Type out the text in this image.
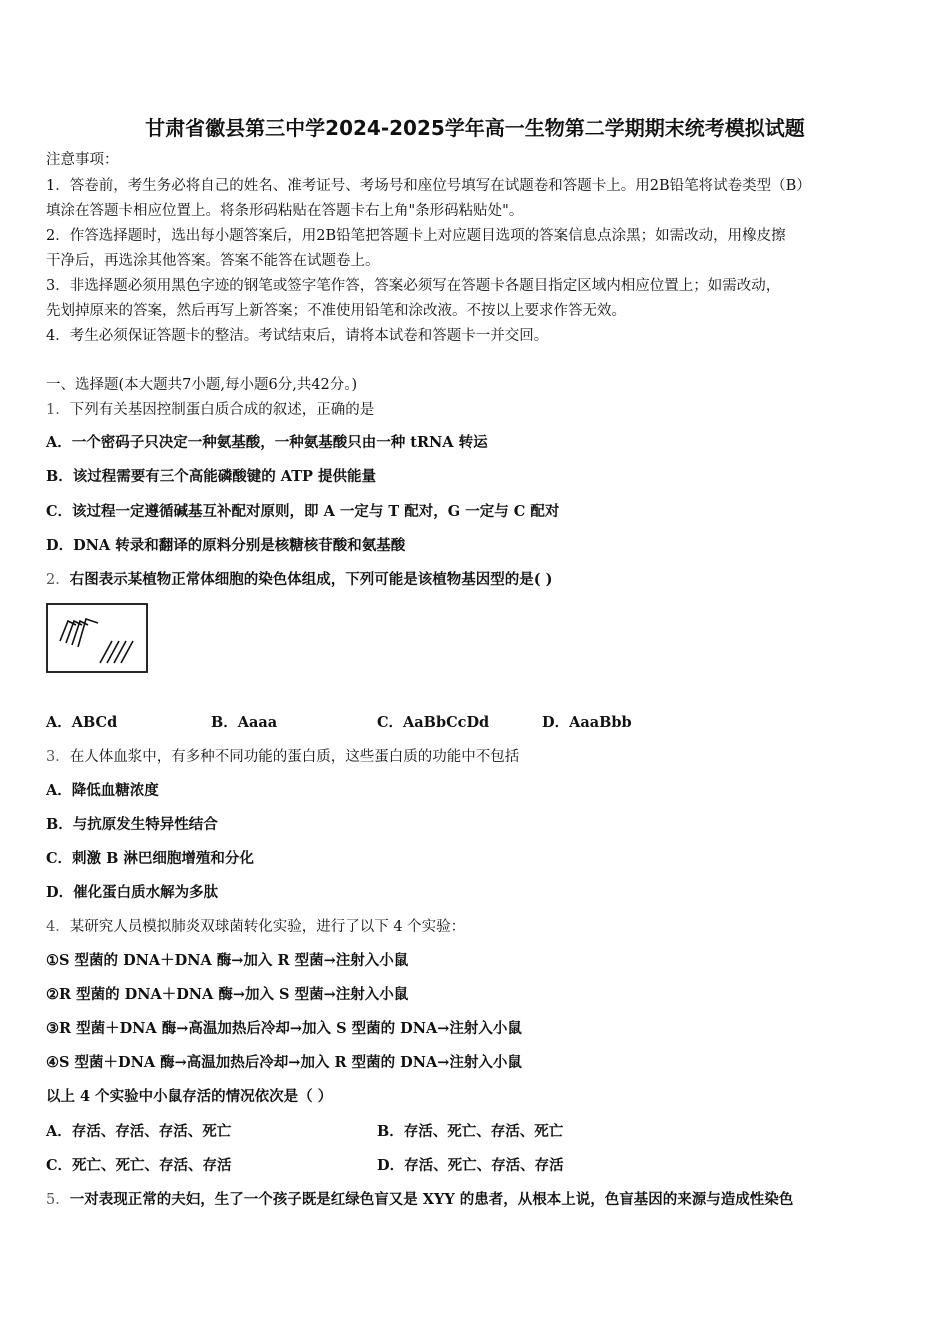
甘肃省徽县第三中学2024-2025学年高一生物第二学期期末统考模拟试题
注意事项：
1．答卷前，考生务必将自己的姓名、准考证号、考场号和座位号填写在试题卷和答题卡上。用2B铅笔将试卷类型（B）
填涂在答题卡相应位置上。将条形码粘贴在答题卡右上角"条形码粘贴处"。
2．作答选择题时，选出每小题答案后，用2B铅笔把答题卡上对应题目选项的答案信息点涂黑；如需改动，用橡皮擦
干净后，再选涂其他答案。答案不能答在试题卷上。
3．非选择题必须用黑色字迹的钢笔或签字笔作答，答案必须写在答题卡各题目指定区域内相应位置上；如需改动，
先划掉原来的答案，然后再写上新答案；不准使用铅笔和涂改液。不按以上要求作答无效。
4．考生必须保证答题卡的整洁。考试结束后，请将本试卷和答题卡一并交回。
一、选择题(本大题共7小题,每小题6分,共42分。)
1．下列有关基因控制蛋白质合成的叙述，正确的是
A．一个密码子只决定一种氨基酸，一种氨基酸只由一种 tRNA 转运
B．该过程需要有三个高能磷酸键的 ATP 提供能量
C．该过程一定遵循碱基互补配对原则，即 A 一定与 T 配对，G 一定与 C 配对
D．DNA 转录和翻译的原料分别是核糖核苷酸和氨基酸
2．右图表示某植物正常体细胞的染色体组成，下列可能是该植物基因型的是( )
A．ABCd	B．Aaaa	C．AaBbCcDd	D．AaaBbb
3．在人体血浆中，有多种不同功能的蛋白质，这些蛋白质的功能中不包括
A．降低血糖浓度
B．与抗原发生特异性结合
C．刺激 B 淋巴细胞增殖和分化
D．催化蛋白质水解为多肽
4．某研究人员模拟肺炎双球菌转化实验，进行了以下 4 个实验：
①S 型菌的 DNA＋DNA 酶→加入 R 型菌→注射入小鼠
②R 型菌的 DNA＋DNA 酶→加入 S 型菌→注射入小鼠
③R 型菌＋DNA 酶→高温加热后冷却→加入 S 型菌的 DNA→注射入小鼠
④S 型菌＋DNA 酶→高温加热后冷却→加入 R 型菌的 DNA→注射入小鼠
以上 4 个实验中小鼠存活的情况依次是（ ）
A．存活、存活、存活、死亡	B．存活、死亡、存活、死亡
C．死亡、死亡、存活、存活	D．存活、死亡、存活、存活
5．一对表现正常的夫妇，生了一个孩子既是红绿色盲又是 XYY 的患者，从根本上说，色盲基因的来源与造成性染色
